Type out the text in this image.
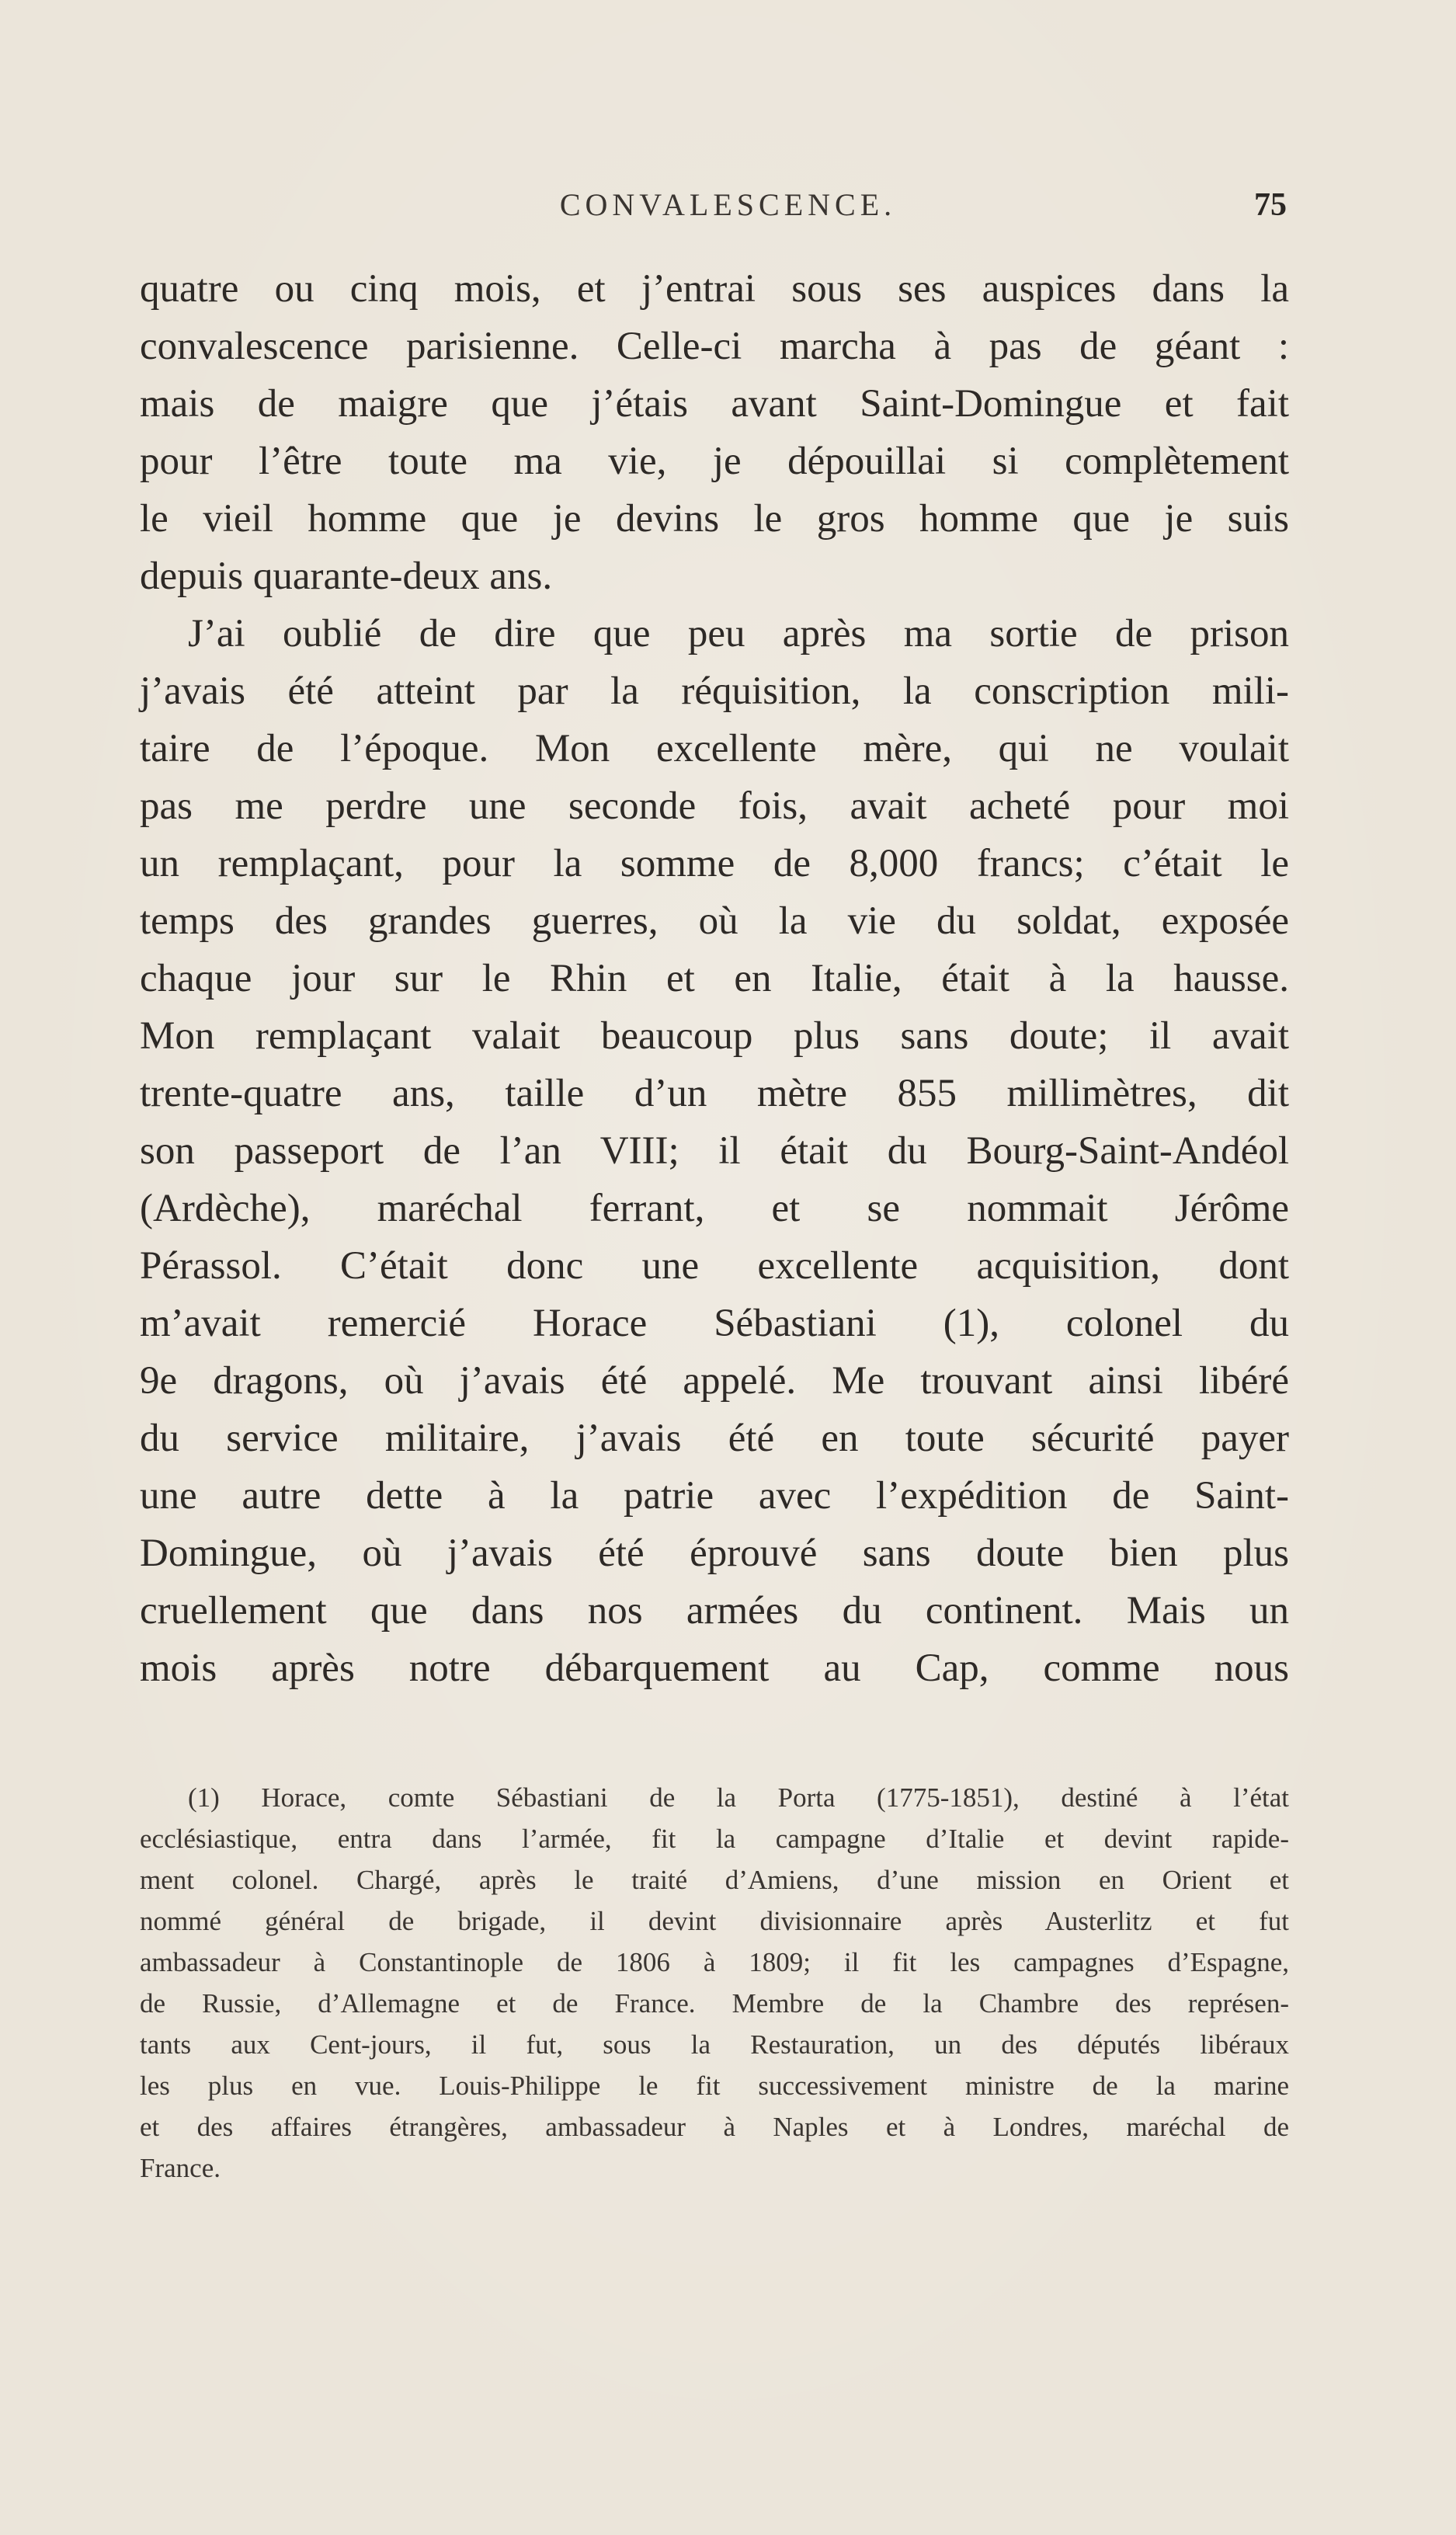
CONVALESCENCE.	75
quatre ou cinq mois, et j’entrai sous ses auspices dans la
convalescence parisienne. Celle-ci marcha à pas de géant :
mais de maigre que j’étais avant Saint-Domingue et fait
pour l’être toute ma vie, je dépouillai si complètement
le vieil homme que je devins le gros homme que je suis
depuis quarante-deux ans.
J’ai oublié de dire que peu après ma sortie de prison
j’avais été atteint par la réquisition, la conscription mili-
taire de l’époque. Mon excellente mère, qui ne voulait
pas me perdre une seconde fois, avait acheté pour moi
un remplaçant, pour la somme de 8,000 francs; c’était le
temps des grandes guerres, où la vie du soldat, exposée
chaque jour sur le Rhin et en Italie, était à la hausse.
Mon remplaçant valait beaucoup plus sans doute; il avait
trente-quatre ans, taille d’un mètre 855 millimètres, dit
son passeport de l’an VIII; il était du Bourg-Saint-Andéol
(Ardèche), maréchal ferrant, et se nommait Jérôme
Pérassol. C’était donc une excellente acquisition, dont
m’avait remercié Horace Sébastiani (1), colonel du
9e dragons, où j’avais été appelé. Me trouvant ainsi libéré
du service militaire, j’avais été en toute sécurité payer
une autre dette à la patrie avec l’expédition de Saint-
Domingue, où j’avais été éprouvé sans doute bien plus
cruellement que dans nos armées du continent. Mais un
mois après notre débarquement au Cap, comme nous
(1) Horace, comte Sébastiani de la Porta (1775-1851), destiné à l’état
ecclésiastique, entra dans l’armée, fit la campagne d’Italie et devint rapide-
ment colonel. Chargé, après le traité d’Amiens, d’une mission en Orient et
nommé général de brigade, il devint divisionnaire après Austerlitz et fut
ambassadeur à Constantinople de 1806 à 1809; il fit les campagnes d’Espagne,
de Russie, d’Allemagne et de France. Membre de la Chambre des représen-
tants aux Cent-jours, il fut, sous la Restauration, un des députés libéraux
les plus en vue. Louis-Philippe le fit successivement ministre de la marine
et des affaires étrangères, ambassadeur à Naples et à Londres, maréchal de
France.
